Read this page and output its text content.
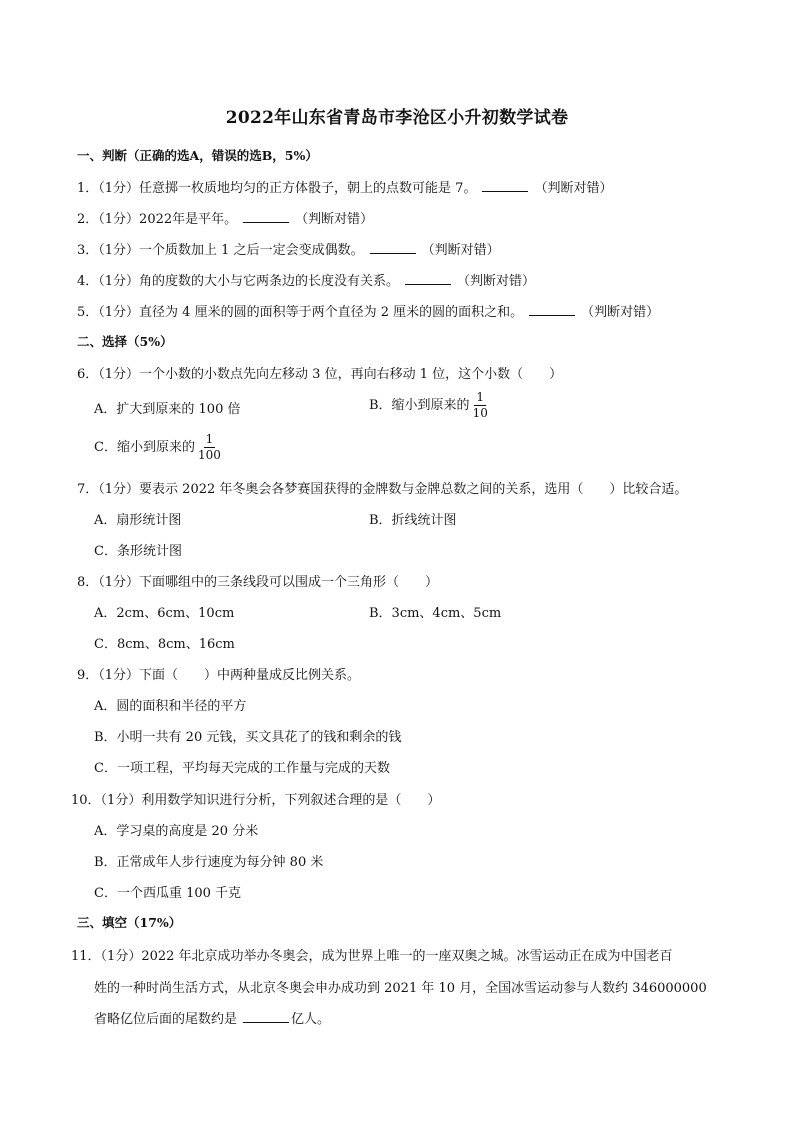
2022年山东省青岛市李沧区小升初数学试卷
一、判断（正确的选A，错误的选B，5%）
1．（1分）任意掷一枚质地均匀的正方体骰子，朝上的点数可能是 7。	（判断对错）
2．（1分）2022年是平年。	（判断对错）
3．（1分）一个质数加上 1 之后一定会变成偶数。	（判断对错）
4．（1分）角的度数的大小与它两条边的长度没有关系。	（判断对错）
5．（1分）直径为 4 厘米的圆的面积等于两个直径为 2 厘米的圆的面积之和。	（判断对错）
二、选择（5%）
6．（1分）一个小数的小数点先向左移动 3 位，再向右移动 1 位，这个小数（ ）
A．扩大到原来的 100 倍	B．缩小到原来的 $\frac{1}{10}$
C．缩小到原来的 $\frac{1}{100}$
7．（1分）要表示 2022 年冬奥会各梦赛国获得的金牌数与金牌总数之间的关系，选用（ ）比较合适。
A．扇形统计图	B．折线统计图
C．条形统计图
8．（1分）下面哪组中的三条线段可以围成一个三角形（ ）
A．2cm、6cm、10cm	B．3cm、4cm、5cm
C．8cm、8cm、16cm
9．（1分）下面（ ）中两种量成反比例关系。
A．圆的面积和半径的平方
B．小明一共有 20 元钱，买文具花了的钱和剩余的钱
C．一项工程，平均每天完成的工作量与完成的天数
10．（1分）利用数学知识进行分析，下列叙述合理的是（ ）
A．学习桌的高度是 20 分米
B．正常成年人步行速度为每分钟 80 米
C．一个西瓜重 100 千克
三、填空（17%）
11．（1分）2022 年北京成功举办冬奥会，成为世界上唯一的一座双奥之城。冰雪运动正在成为中国老百
姓的一种时尚生活方式，从北京冬奥会申办成功到 2021 年 10 月，全国冰雪运动参与人数约 346000000
省略亿位后面的尾数约是	亿人。
